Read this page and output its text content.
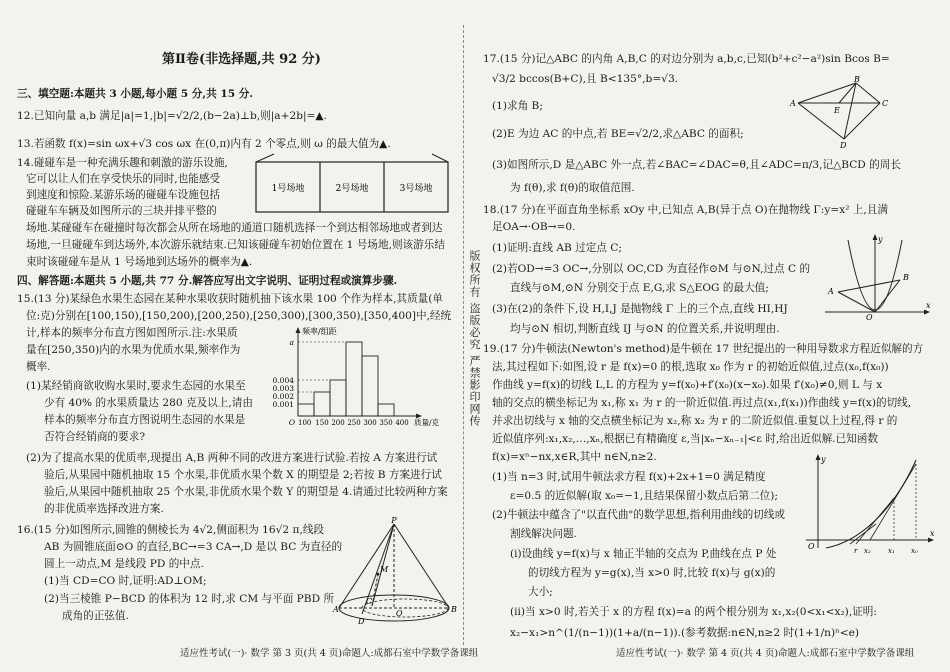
版权所有 盗版必究 严禁影印网传
第Ⅱ卷(非选择题,共 92 分)
三、填空题:本题共 3 小题,每小题 5 分,共 15 分.
12.已知向量 a,b 满足|a|=1,|b|=√2/2,(b−2a)⊥b,则|a+2b|=▲.
13.若函数 f(x)=sin ωx+√3 cos ωx 在(0,π)内有 2 个零点,则 ω 的最大值为▲.
14.碰碰车是一种充满乐趣和刺激的游乐设施,
它可以让人们在享受快乐的同时,也能感受
到速度和惊险.某游乐场的碰碰车设施包括
碰碰车车辆及如图所示的三块并排平整的
场地.某碰碰车在碰撞时每次都会从所在场地的通道口随机选择一个到达相邻场地或者到达
场地,一旦碰碰车到达场外,本次游乐就结束.已知该碰碰车初始位置在 1 号场地,则该游乐结
束时该碰碰车是从 1 号场地到达场外的概率为▲.
1号场地	2号场地	3号场地
四、解答题:本题共 5 小题,共 77 分.解答应写出文字说明、证明过程或演算步骤.
15.(13 分)某绿色水果生态园在某种水果收获时随机抽下该水果 100 个作为样本,其质量(单
位:克)分别在[100,150),[150,200),[200,250),[250,300),[300,350),[350,400]中,经统
计,样本的频率分布直方图如图所示.注:水果质
量在[250,350)内的水果为优质水果,频率作为
概率.
(1)某经销商欲收购水果时,要求生态园的水果至
少有 40% 的水果质量达 280 克及以上,请由
样本的频率分布直方图说明生态园的水果是
否符合经销商的要求?
(2)为了提高水果的优质率,现提出 A,B 两种不同的改进方案进行试验.若按 A 方案进行试
验后,从果园中随机抽取 15 个水果,非优质水果个数 X 的期望是 2;若按 B 方案进行试
验后,从果园中随机抽取 25 个水果,非优质水果个数 Y 的期望是 4.请通过比较两种方案
的非优质率选择改进方案.
频率/组距
a
0.004
0.003
0.002
0.001
O 100 150 200 250 300 350 400 质量/克
16.(15 分)如图所示,圆锥的侧棱长为 4√2,侧面积为 16√2 π,线段
AB 为圆锥底面⊙O 的直径,BC→=3 CA→,D 是以 BC 为直径的
圆上一动点,M 是线段 PD 的中点.
(1)当 CD=CO 时,证明:AD⊥OM;
(2)当三棱锥 P−BCD 的体积为 12 时,求 CM 与平面 PBD 所
成角的正弦值.
P
M
A	B
C
D
O
适应性考试(一)· 数学 第 3 页(共 4 页) 命题人:成都石室中学数学备课组
17.(15 分)记△ABC 的内角 A,B,C 的对边分别为 a,b,c,已知(b²+c²−a²)sin Bcos B=
√3/2 bccos(B+C),且 B<135°,b=√3.
(1)求角 B;
(2)E 为边 AC 的中点,若 BE=√2/2,求△ABC 的面积;
(3)如图所示,D 是△ABC 外一点,若∠BAC=∠DAC=θ,且∠ADC=π/3,记△BCD 的周长
为 f(θ),求 f(θ)的取值范围.
A
B
C
D
E
18.(17 分)在平面直角坐标系 xOy 中,已知点 A,B(异于点 O)在抛物线 Γ:y=x² 上,且满
足OA→·OB→=0.
(1)证明:直线 AB 过定点 C;
(2)若OD→=3 OC→,分别以 OC,CD 为直径作⊙M 与⊙N,过点 C 的
直线与⊙M,⊙N 分别交于点 E,G,求 S△EOG 的最大值;
(3)在(2)的条件下,设 H,I,J 是抛物线 Γ 上的三个点,直线 HI,HJ
均与⊙N 相切,判断直线 IJ 与⊙N 的位置关系,并说明理由.
y
x
O
A
B
19.(17 分)牛顿法(Newton's method)是牛顿在 17 世纪提出的一种用导数求方程近似解的方
法,其过程如下:如图,设 r 是 f(x)=0 的根,选取 x₀ 作为 r 的初始近似值,过点(x₀,f(x₀))
作曲线 y=f(x)的切线 L,L 的方程为 y=f(x₀)+f′(x₀)(x−x₀).如果 f′(x₀)≠0,则 L 与 x
轴的交点的横坐标记为 x₁,称 x₁ 为 r 的一阶近似值.再过点(x₁,f(x₁))作曲线 y=f(x)的切线,
并求出切线与 x 轴的交点横坐标记为 x₂,称 x₂ 为 r 的二阶近似值.重复以上过程,得 r 的
近似值序列:x₁,x₂,…,xₙ,根据已有精确度 ε,当|xₙ−xₙ₋₁|<ε 时,给出近似解.已知函数
f(x)=xⁿ−nx,x∈R,其中 n∈N,n≥2.
(1)当 n=3 时,试用牛顿法求方程 f(x)+2x+1=0 满足精度
ε=0.5 的近似解(取 x₀=−1,且结果保留小数点后第二位);
(2)牛顿法中蕴含了"以直代曲"的数学思想,指利用曲线的切线或
割线解决问题.
(ⅰ)设曲线 y=f(x)与 x 轴正半轴的交点为 P,曲线在点 P 处
的切线方程为 y=g(x),当 x>0 时,比较 f(x)与 g(x)的
大小;
(ⅱ)当 x>0 时,若关于 x 的方程 f(x)=a 的两个根分别为 x₁,x₂(0<x₁<x₂),证明:
x₂−x₁>n^(1/(n−1))(1+a/(n−1)).(参考数据:n∈N,n≥2 时(1+1/n)ⁿ<e)
y
O
x
r x₂ x₁ x₀
适应性考试(一)· 数学 第 4 页(共 4 页) 命题人:成都石室中学数学备课组
